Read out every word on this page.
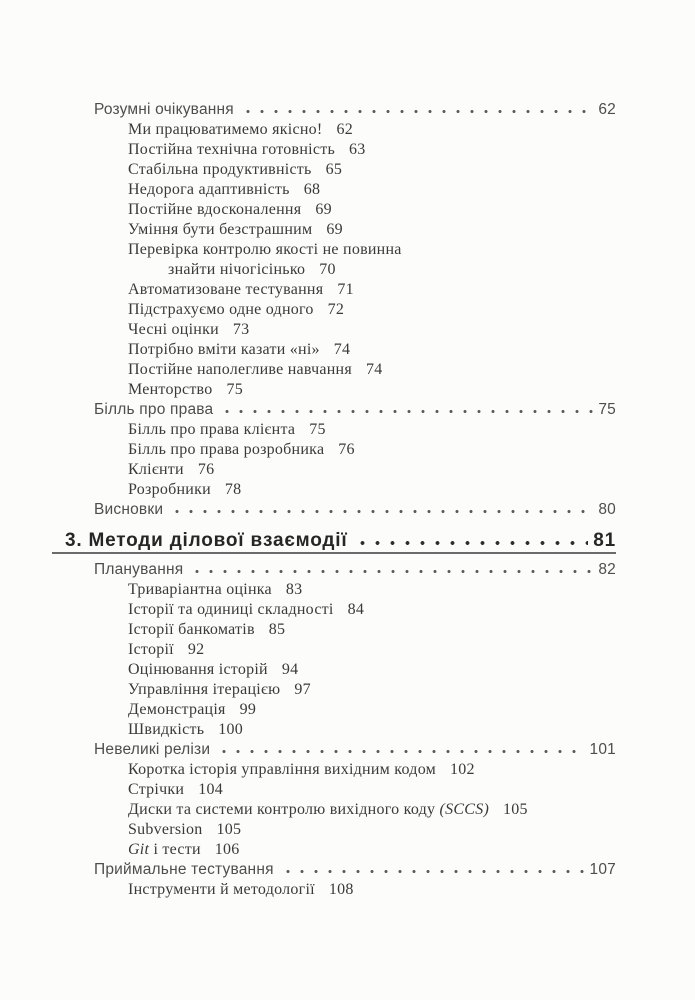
Розумні очікування	62
Ми працюватимемо якісно! 62
Постійна технічна готовність 63
Стабільна продуктивність 65
Недорога адаптивність 68
Постійне вдосконалення 69
Уміння бути безстрашним 69
Перевірка контролю якості не повинна
знайти нічогісінько 70
Автоматизоване тестування 71
Підстрахуємо одне одного 72
Чесні оцінки 73
Потрібно вміти казати «ні» 74
Постійне наполегливе навчання 74
Менторство 75
Білль про права	75
Білль про права клієнта 75
Білль про права розробника 76
Клієнти 76
Розробники 78
Висновки	80
3. Методи ділової взаємодії	81
Планування	82
Триваріантна оцінка 83
Історії та одиниці складності 84
Історії банкоматів 85
Історії 92
Оцінювання історій 94
Управління ітерацією 97
Демонстрація 99
Швидкість 100
Невеликі релізи	101
Коротка історія управління вихідним кодом 102
Стрічки 104
Диски та системи контролю вихідного коду (SCCS) 105
Subversion 105
Git і тести 106
Приймальне тестування	107
Інструменти й методології 108
